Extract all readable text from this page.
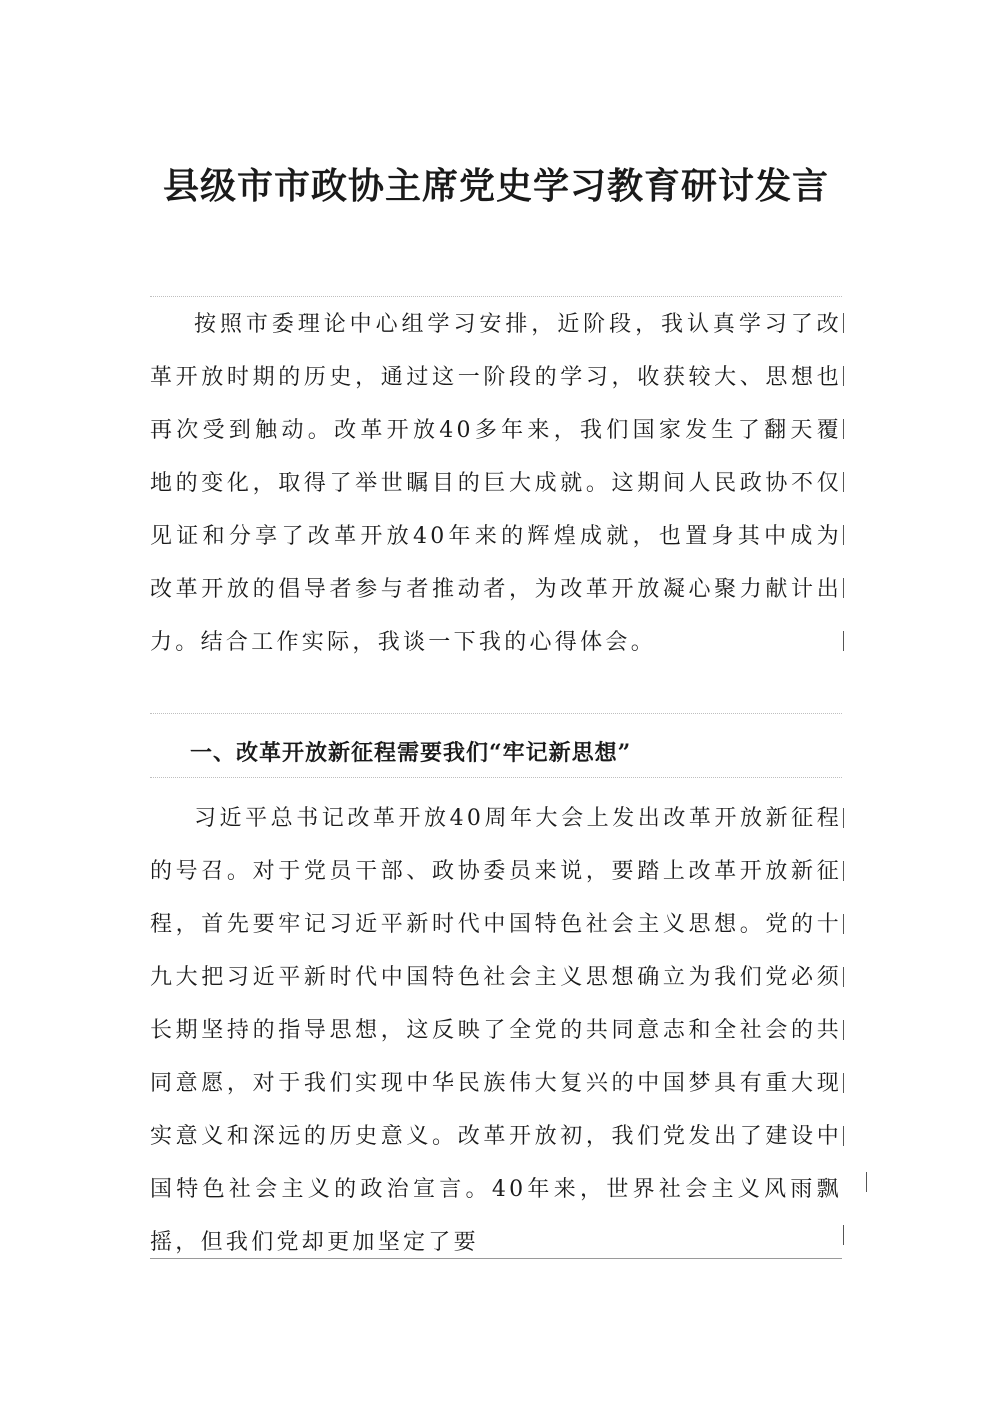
县级市市政协主席党史学习教育研讨发言

按照市委理论中心组学习安排，近阶段，我认真学习了改革开放时期的历史，通过这一阶段的学习，收获较大、思想也再次受到触动。改革开放40多年来，我们国家发生了翻天覆地的变化，取得了举世瞩目的巨大成就。这期间人民政协不仅见证和分享了改革开放40年来的辉煌成就，也置身其中成为改革开放的倡导者参与者推动者，为改革开放凝心聚力献计出力。结合工作实际，我谈一下我的心得体会。

一、改革开放新征程需要我们“牢记新思想”

习近平总书记改革开放40周年大会上发出改革开放新征程的号召。对于党员干部、政协委员来说，要踏上改革开放新征程，首先要牢记习近平新时代中国特色社会主义思想。党的十九大把习近平新时代中国特色社会主义思想确立为我们党必须长期坚持的指导思想，这反映了全党的共同意志和全社会的共同意愿，对于我们实现中华民族伟大复兴的中国梦具有重大现实意义和深远的历史意义。改革开放初，我们党发出了建设中国特色社会主义的政治宣言。40年来，世界社会主义风雨飘摇，但我们党却更加坚定了要
